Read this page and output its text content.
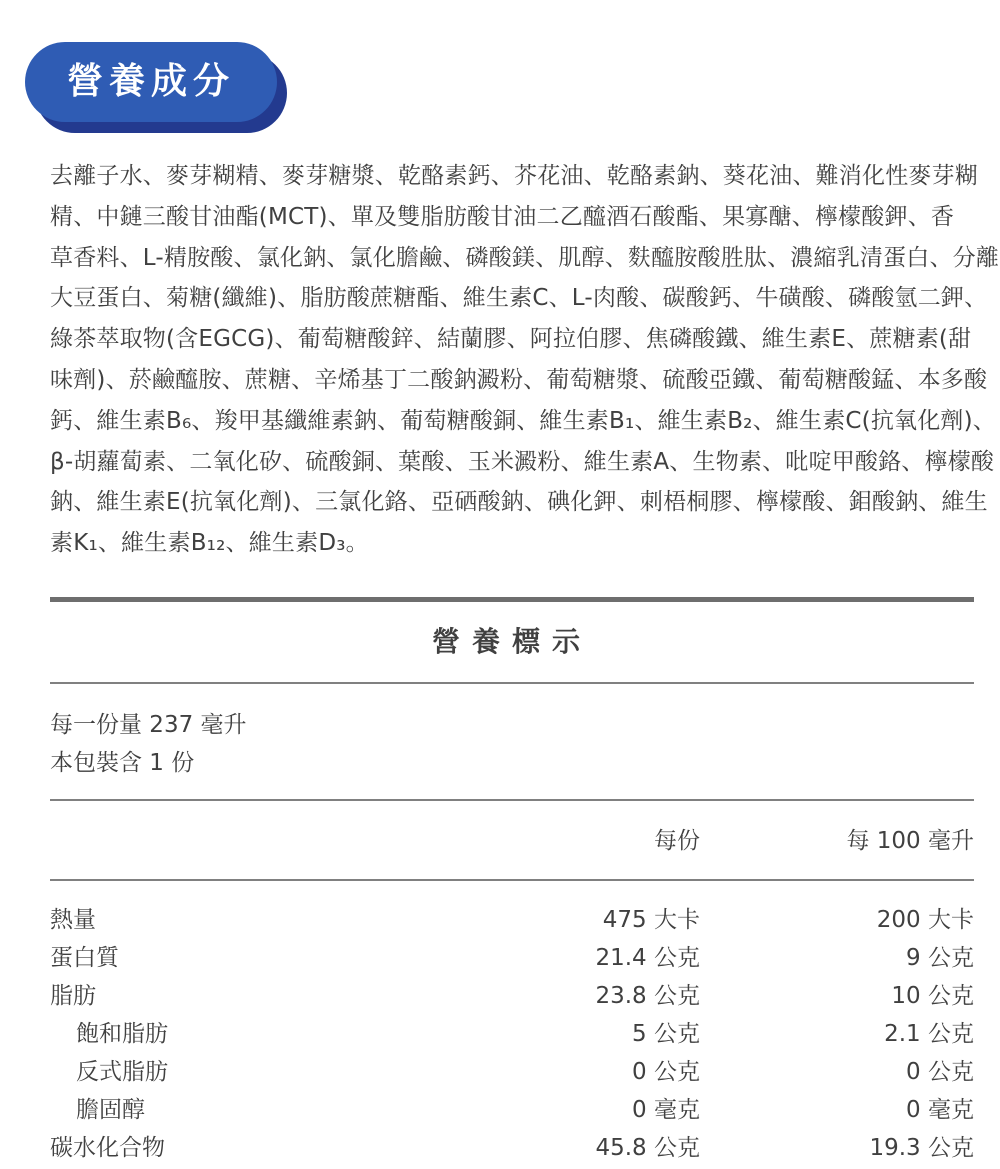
營養成分
去離子水、麥芽糊精、麥芽糖漿、乾酪素鈣、芥花油、乾酪素鈉、葵花油、難消化性麥芽糊
精、中鏈三酸甘油酯(MCT)、單及雙脂肪酸甘油二乙醯酒石酸酯、果寡醣、檸檬酸鉀、香
草香料、L-精胺酸、氯化鈉、氯化膽鹼、磷酸鎂、肌醇、麩醯胺酸胜肽、濃縮乳清蛋白、分離
大豆蛋白、菊糖(纖維)、脂肪酸蔗糖酯、維生素C、L-肉酸、碳酸鈣、牛磺酸、磷酸氫二鉀、
綠茶萃取物(含EGCG)、葡萄糖酸鋅、結蘭膠、阿拉伯膠、焦磷酸鐵、維生素E、蔗糖素(甜
味劑)、菸鹼醯胺、蔗糖、辛烯基丁二酸鈉澱粉、葡萄糖漿、硫酸亞鐵、葡萄糖酸錳、本多酸
鈣、維生素B₆、羧甲基纖維素鈉、葡萄糖酸銅、維生素B₁、維生素B₂、維生素C(抗氧化劑)、
β-胡蘿蔔素、二氧化矽、硫酸銅、葉酸、玉米澱粉、維生素A、生物素、吡啶甲酸鉻、檸檬酸
鈉、維生素E(抗氧化劑)、三氯化鉻、亞硒酸鈉、碘化鉀、刺梧桐膠、檸檬酸、鉬酸鈉、維生
素K₁、維生素B₁₂、維生素D₃。
營養標示
每一份量 237 毫升
本包裝含 1 份
每份	每 100 毫升
熱量	475 大卡	200 大卡
蛋白質	21.4 公克	9 公克
脂肪	23.8 公克	10 公克
飽和脂肪	5 公克	2.1 公克
反式脂肪	0 公克	0 公克
膽固醇	0 毫克	0 毫克
碳水化合物	45.8 公克	19.3 公克
